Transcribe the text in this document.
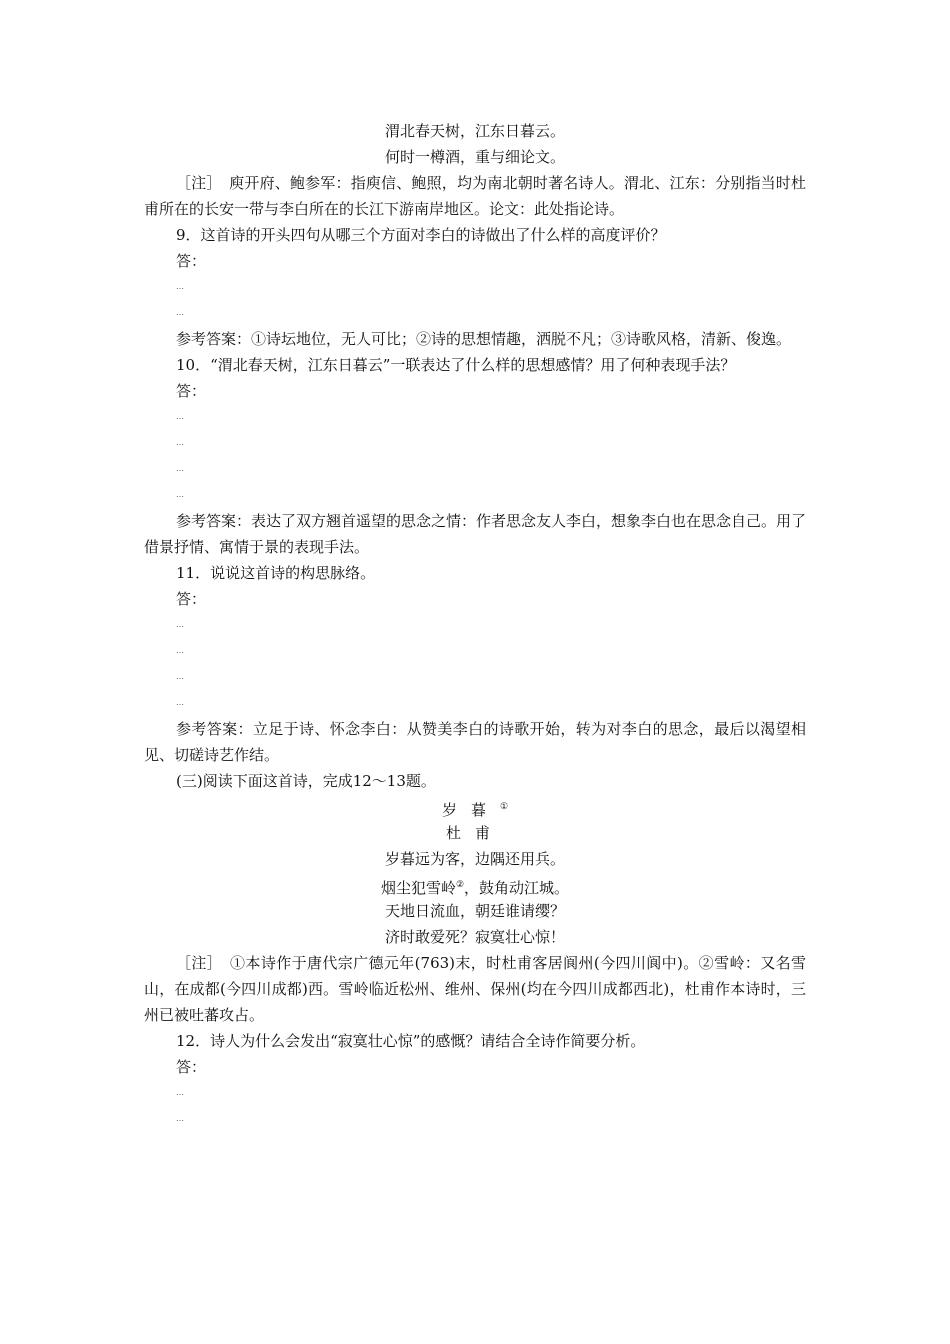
渭北春天树，江东日暮云。
何时一樽酒，重与细论文。
［注］　庾开府、鲍参军：指庾信、鲍照，均为南北朝时著名诗人。渭北、江东：分别指当时杜甫所在的长安一带与李白所在的长江下游南岸地区。论文：此处指论诗。
9．这首诗的开头四句从哪三个方面对李白的诗做出了什么样的高度评价？
答：
…
…
参考答案：①诗坛地位，无人可比；②诗的思想情趣，洒脱不凡；③诗歌风格，清新、俊逸。
10．“渭北春天树，江东日暮云”一联表达了什么样的思想感情？用了何种表现手法？
答：
…
…
…
…
参考答案：表达了双方翘首遥望的思念之情：作者思念友人李白，想象李白也在思念自己。用了借景抒情、寓情于景的表现手法。
11．说说这首诗的构思脉络。
答：
…
…
…
…
参考答案：立足于诗、怀念李白：从赞美李白的诗歌开始，转为对李白的思念，最后以渴望相见、切磋诗艺作结。
(三)阅读下面这首诗，完成12～13题。
岁暮①
杜甫
岁暮远为客，边隅还用兵。
烟尘犯雪岭②，鼓角动江城。
天地日流血，朝廷谁请缨？
济时敢爱死？寂寞壮心惊！
［注］　①本诗作于唐代宗广德元年(763)末，时杜甫客居阆州(今四川阆中)。②雪岭：又名雪山，在成都(今四川成都)西。雪岭临近松州、维州、保州(均在今四川成都西北)，杜甫作本诗时，三州已被吐蕃攻占。
12．诗人为什么会发出“寂寞壮心惊”的感慨？请结合全诗作简要分析。
答：
…
…
